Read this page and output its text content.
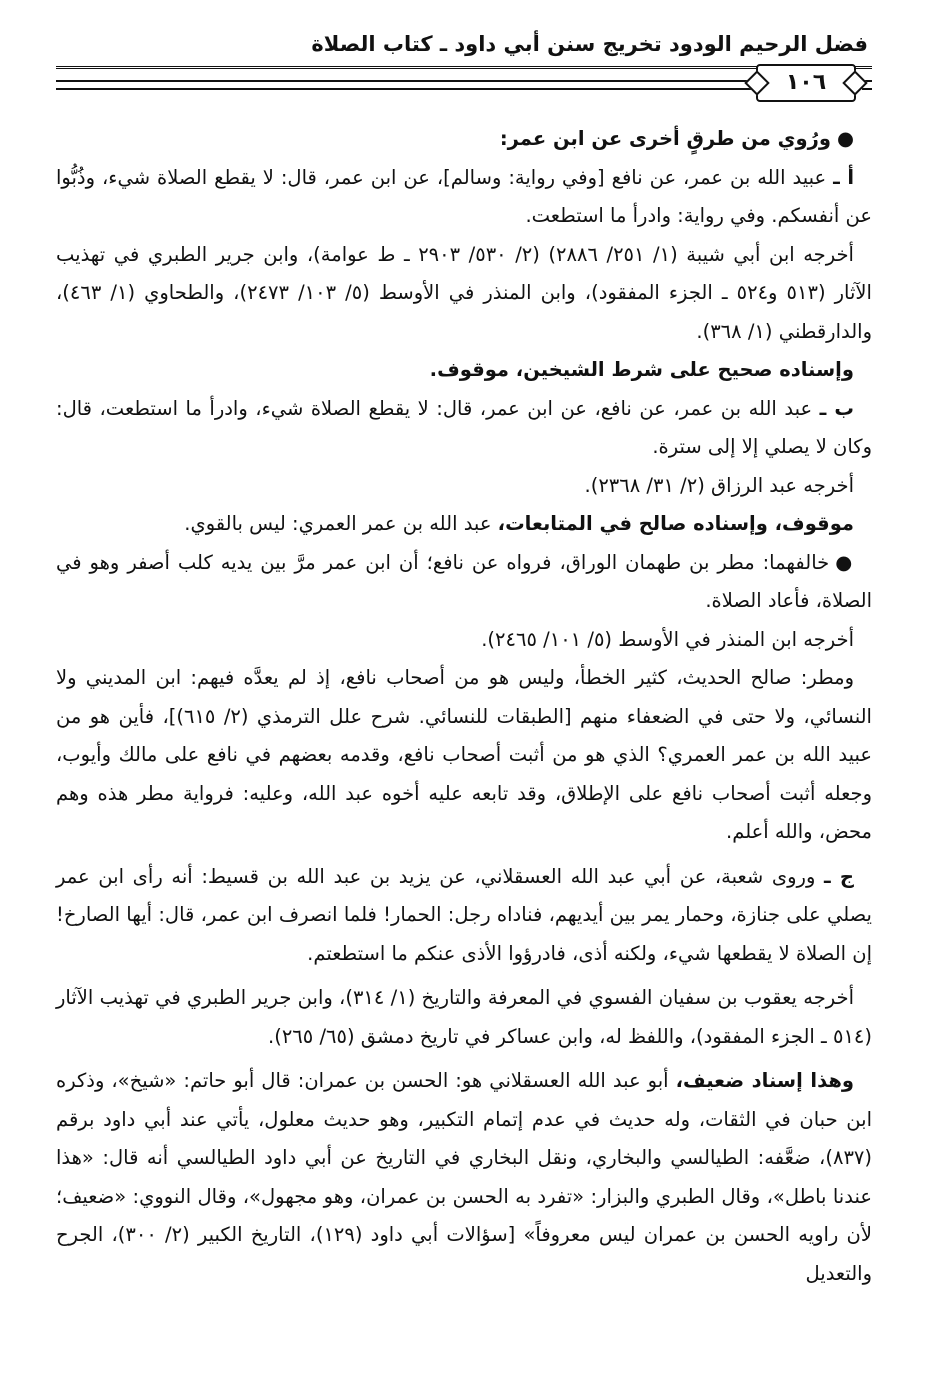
فضل الرحيم الودود تخريج سنن أبي داود ـ كتاب الصلاة
١٠٦

●ورُوي من طرقٍ أخرى عن ابن عمر:

أ ـ عبيد الله بن عمر، عن نافع [وفي رواية: وسالم]، عن ابن عمر، قال: لا يقطع الصلاة شيء، وذُبُّوا عن أنفسكم. وفي رواية: وادرأ ما استطعت.

أخرجه ابن أبي شيبة (١/ ٢٥١/ ٢٨٨٦) (٢/ ٥٣٠/ ٢٩٠٣ ـ ط عوامة)، وابن جرير الطبري في تهذيب الآثار (٥١٣ و٥٢٤ ـ الجزء المفقود)، وابن المنذر في الأوسط (٥/ ١٠٣/ ٢٤٧٣)، والطحاوي (١/ ٤٦٣)، والدارقطني (١/ ٣٦٨).

وإسناده صحيح على شرط الشيخين، موقوف.

ب ـ عبد الله بن عمر، عن نافع، عن ابن عمر، قال: لا يقطع الصلاة شيء، وادرأ ما استطعت، قال: وكان لا يصلي إلا إلى سترة.

أخرجه عبد الرزاق (٢/ ٣١/ ٢٣٦٨).

موقوف، وإسناده صالح في المتابعات، عبد الله بن عمر العمري: ليس بالقوي.

●خالفهما: مطر بن طهمان الوراق، فرواه عن نافع؛ أن ابن عمر مرَّ بين يديه كلب أصفر وهو في الصلاة، فأعاد الصلاة.

أخرجه ابن المنذر في الأوسط (٥/ ١٠١/ ٢٤٦٥).

ومطر: صالح الحديث، كثير الخطأ، وليس هو من أصحاب نافع، إذ لم يعدَّه فيهم: ابن المديني ولا النسائي، ولا حتى في الضعفاء منهم [الطبقات للنسائي. شرح علل الترمذي (٢/ ٦١٥)]، فأين هو من عبيد الله بن عمر العمري؟ الذي هو من أثبت أصحاب نافع، وقدمه بعضهم في نافع على مالك وأيوب، وجعله أثبت أصحاب نافع على الإطلاق، وقد تابعه عليه أخوه عبد الله، وعليه: فرواية مطر هذه وهم محض، والله أعلم.

ج ـ وروى شعبة، عن أبي عبد الله العسقلاني، عن يزيد بن عبد الله بن قسيط: أنه رأى ابن عمر يصلي على جنازة، وحمار يمر بين أيديهم، فناداه رجل: الحمار! فلما انصرف ابن عمر، قال: أيها الصارخ! إن الصلاة لا يقطعها شيء، ولكنه أذى، فادرؤوا الأذى عنكم ما استطعتم.

أخرجه يعقوب بن سفيان الفسوي في المعرفة والتاريخ (١/ ٣١٤)، وابن جرير الطبري في تهذيب الآثار (٥١٤ ـ الجزء المفقود)، واللفظ له، وابن عساكر في تاريخ دمشق (٦٥/ ٢٦٥).

وهذا إسناد ضعيف، أبو عبد الله العسقلاني هو: الحسن بن عمران: قال أبو حاتم: «شيخ»، وذكره ابن حبان في الثقات، وله حديث في عدم إتمام التكبير، وهو حديث معلول، يأتي عند أبي داود برقم (٨٣٧)، ضعَّفه: الطيالسي والبخاري، ونقل البخاري في التاريخ عن أبي داود الطيالسي أنه قال: «هذا عندنا باطل»، وقال الطبري والبزار: «تفرد به الحسن بن عمران، وهو مجهول»، وقال النووي: «ضعيف؛ لأن راويه الحسن بن عمران ليس معروفاً» [سؤالات أبي داود (١٢٩)، التاريخ الكبير (٢/ ٣٠٠)، الجرح والتعديل
